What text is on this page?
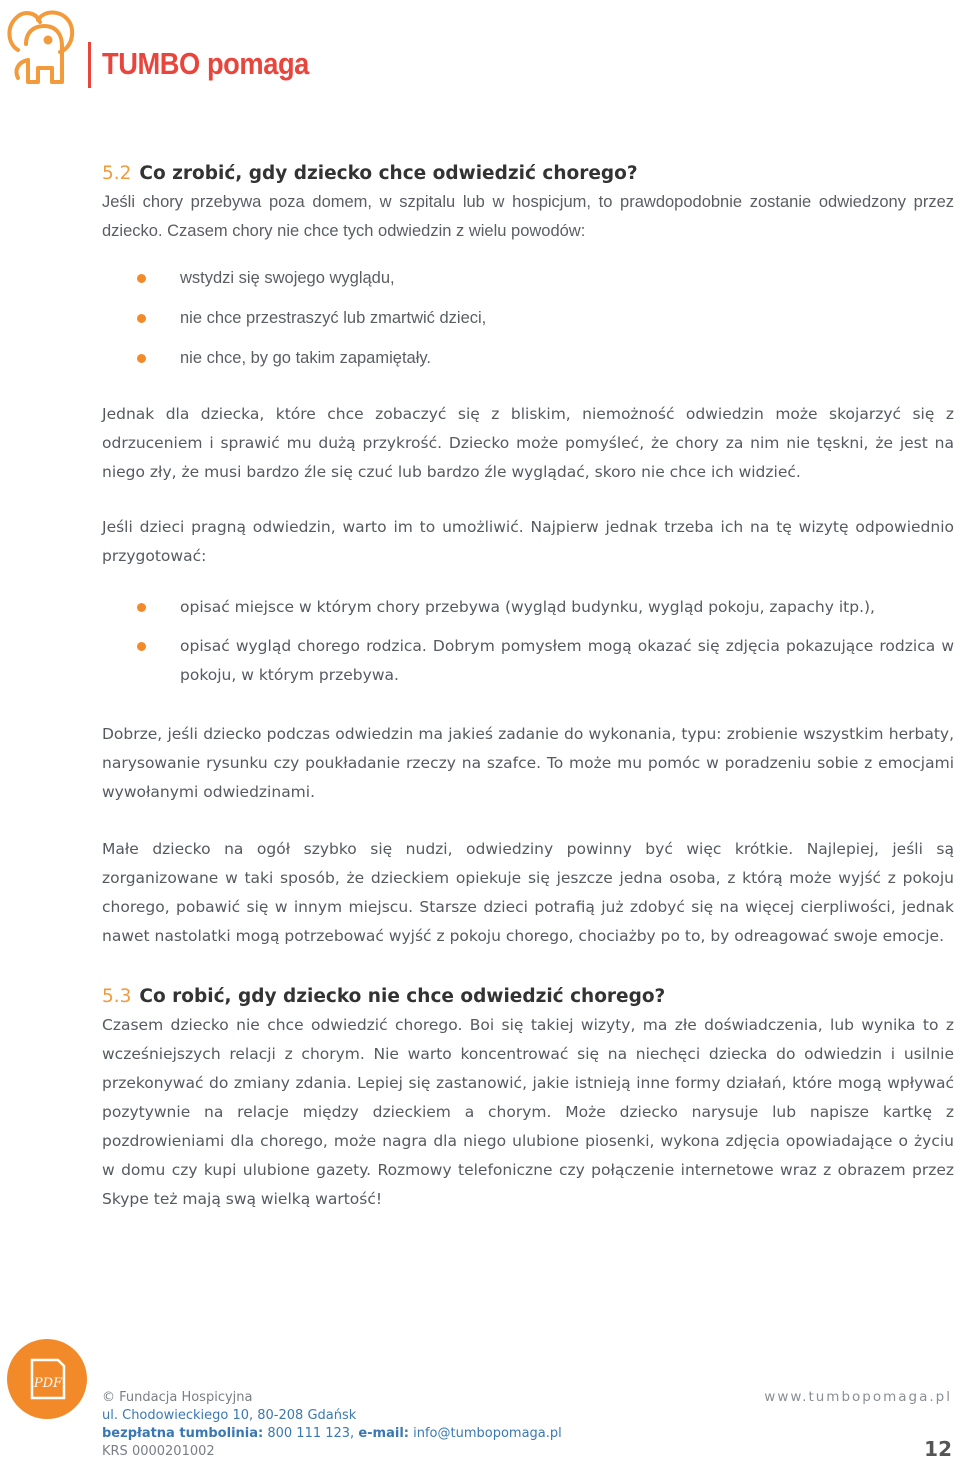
TUMBO pomaga
5.2 Co zrobić, gdy dziecko chce odwiedzić chorego?

Jeśli chory przebywa poza domem, w szpitalu lub w hospicjum, to prawdopodobnie zostanie odwiedzony przez dziecko. Czasem chory nie chce tych odwiedzin z wielu powodów:

wstydzi się swojego wyglądu,
nie chce przestraszyć lub zmartwić dzieci,
nie chce, by go takim zapamiętały.

Jednak dla dziecka, które chce zobaczyć się z bliskim, niemożność odwiedzin może skojarzyć się z odrzuceniem i sprawić mu dużą przykrość. Dziecko może pomyśleć, że chory za nim nie tęskni, że jest na niego zły, że musi bardzo źle się czuć lub bardzo źle wyglądać, skoro nie chce ich widzieć.

Jeśli dzieci pragną odwiedzin, warto im to umożliwić. Najpierw jednak trzeba ich na tę wizytę odpowiednio przygotować:

opisać miejsce w którym chory przebywa (wygląd budynku, wygląd pokoju, zapachy itp.),
opisać wygląd chorego rodzica. Dobrym pomysłem mogą okazać się zdjęcia pokazujące rodzica w pokoju, w którym przebywa.

Dobrze, jeśli dziecko podczas odwiedzin ma jakieś zadanie do wykonania, typu: zrobienie wszystkim herbaty, narysowanie rysunku czy poukładanie rzeczy na szafce. To może mu pomóc w poradzeniu sobie z emocjami wywołanymi odwiedzinami.

Małe dziecko na ogół szybko się nudzi, odwiedziny powinny być więc krótkie. Najlepiej, jeśli są zorganizowane w taki sposób, że dzieckiem opiekuje się jeszcze jedna osoba, z którą może wyjść z pokoju chorego, pobawić się w innym miejscu. Starsze dzieci potrafią już zdobyć się na więcej cierpliwości, jednak nawet nastolatki mogą potrzebować wyjść z pokoju chorego, chociażby po to, by odreagować swoje emocje.

5.3 Co robić, gdy dziecko nie chce odwiedzić chorego?

Czasem dziecko nie chce odwiedzić chorego. Boi się takiej wizyty, ma złe doświadczenia, lub wynika to z wcześniejszych relacji z chorym. Nie warto koncentrować się na niechęci dziecka do odwiedzin i usilnie przekonywać do zmiany zdania. Lepiej się zastanowić, jakie istnieją inne formy działań, które mogą wpływać pozytywnie na relacje między dzieckiem a chorym. Może dziecko narysuje lub napisze kartkę z pozdrowieniami dla chorego, może nagra dla niego ulubione piosenki, wykona zdjęcia opowiadające o życiu w domu czy kupi ulubione gazety. Rozmowy telefoniczne czy połączenie internetowe wraz z obrazem przez Skype też mają swą wielką wartość!

PDF
© Fundacja Hospicyjna
ul. Chodowieckiego 10, 80-208 Gdańsk
bezpłatna tumbolinia: 800 111 123, e-mail: info@tumbopomaga.pl
KRS 0000201002
www.tumbopomaga.pl
12
